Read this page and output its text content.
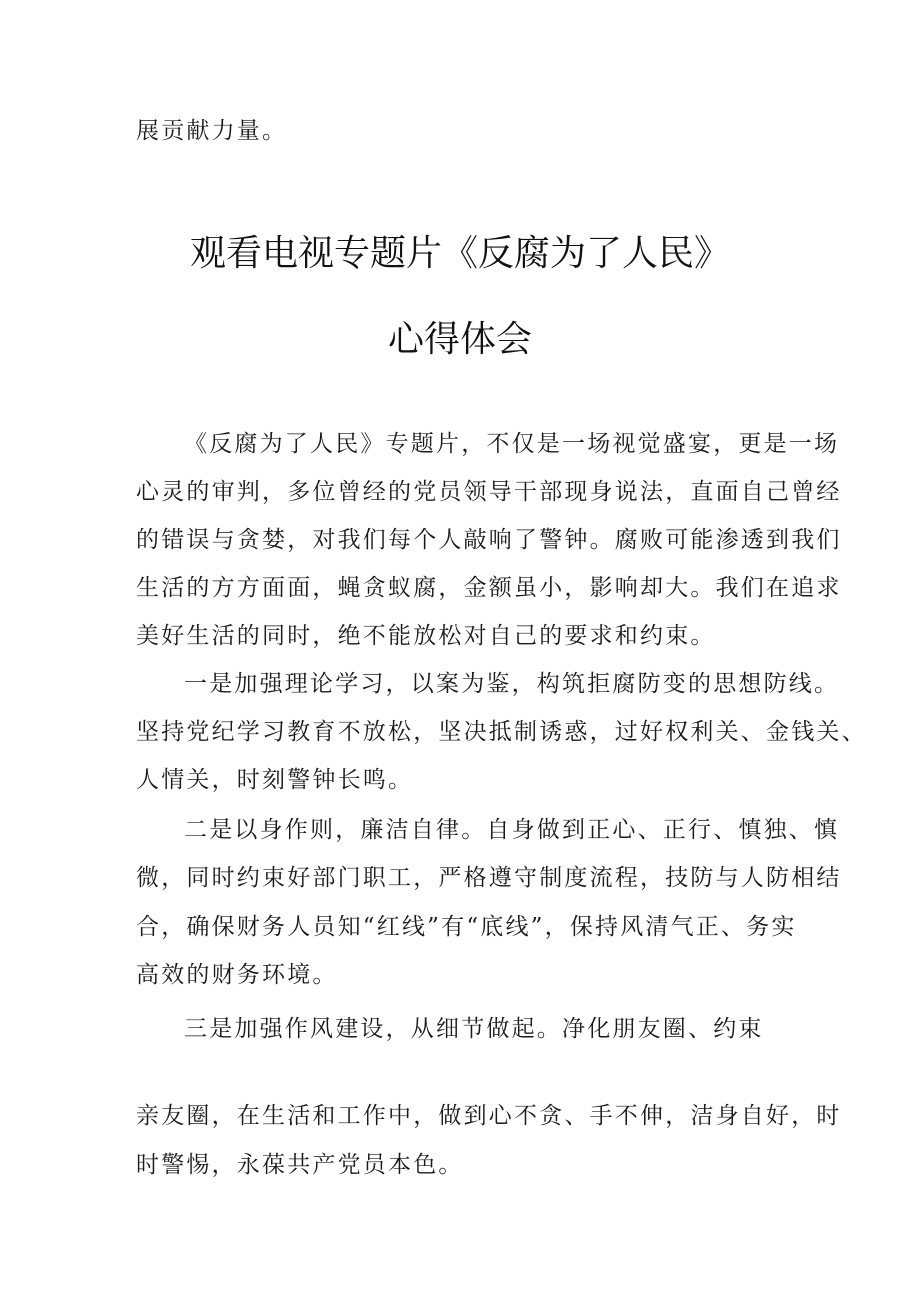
展贡献力量。
观看电视专题片《反腐为了人民》
心得体会
《反腐为了人民》专题片，不仅是一场视觉盛宴，更是一场
心灵的审判，多位曾经的党员领导干部现身说法，直面自己曾经
的错误与贪婪，对我们每个人敲响了警钟。腐败可能渗透到我们
生活的方方面面，蝇贪蚁腐，金额虽小，影响却大。我们在追求
美好生活的同时，绝不能放松对自己的要求和约束。
一是加强理论学习，以案为鉴，构筑拒腐防变的思想防线。
坚持党纪学习教育不放松，坚决抵制诱惑，过好权利关、金钱关、
人情关，时刻警钟长鸣。
二是以身作则，廉洁自律。自身做到正心、正行、慎独、慎
微，同时约束好部门职工，严格遵守制度流程，技防与人防相结
合，确保财务人员知“红线”有“底线”，保持风清气正、务实
高效的财务环境。
三是加强作风建设，从细节做起。净化朋友圈、约束
亲友圈，在生活和工作中，做到心不贪、手不伸，洁身自好，时
时警惕，永葆共产党员本色。
